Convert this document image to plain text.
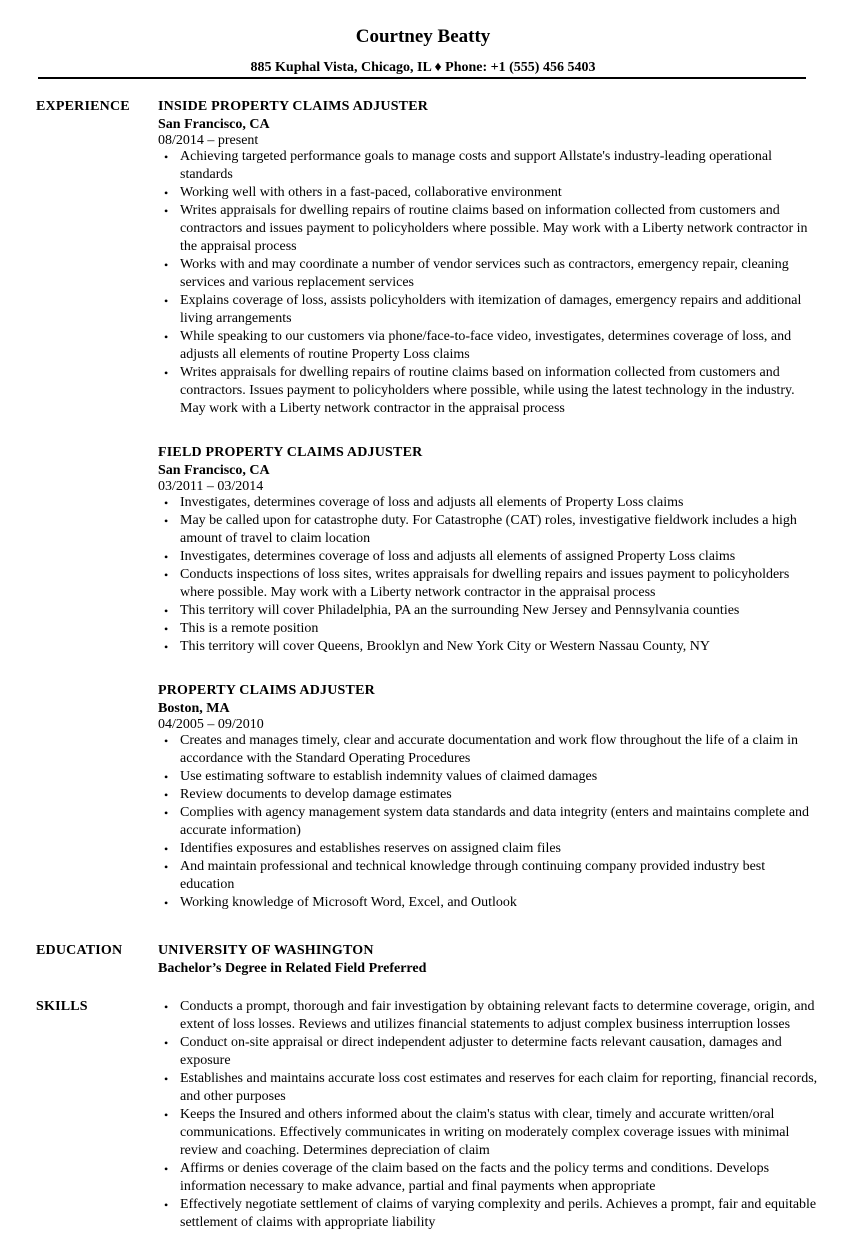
Courtney Beatty
885 Kuphal Vista, Chicago, IL ♦ Phone: +1 (555) 456 5403
EXPERIENCE INSIDE PROPERTY CLAIMS ADJUSTER
San Francisco, CA
08/2014 – present
• Achieving targeted performance goals to manage costs and support Allstate's industry-leading operational standards
• Working well with others in a fast-paced, collaborative environment
• Writes appraisals for dwelling repairs of routine claims based on information collected from customers and contractors and issues payment to policyholders where possible. May work with a Liberty network contractor in the appraisal process
• Works with and may coordinate a number of vendor services such as contractors, emergency repair, cleaning services and various replacement services
• Explains coverage of loss, assists policyholders with itemization of damages, emergency repairs and additional living arrangements
• While speaking to our customers via phone/face-to-face video, investigates, determines coverage of loss, and adjusts all elements of routine Property Loss claims
• Writes appraisals for dwelling repairs of routine claims based on information collected from customers and contractors. Issues payment to policyholders where possible, while using the latest technology in the industry. May work with a Liberty network contractor in the appraisal process
FIELD PROPERTY CLAIMS ADJUSTER
San Francisco, CA
03/2011 – 03/2014
• Investigates, determines coverage of loss and adjusts all elements of Property Loss claims
• May be called upon for catastrophe duty. For Catastrophe (CAT) roles, investigative fieldwork includes a high amount of travel to claim location
• Investigates, determines coverage of loss and adjusts all elements of assigned Property Loss claims
• Conducts inspections of loss sites, writes appraisals for dwelling repairs and issues payment to policyholders where possible. May work with a Liberty network contractor in the appraisal process
• This territory will cover Philadelphia, PA an the surrounding New Jersey and Pennsylvania counties
• This is a remote position
• This territory will cover Queens, Brooklyn and New York City or Western Nassau County, NY
PROPERTY CLAIMS ADJUSTER
Boston, MA
04/2005 – 09/2010
• Creates and manages timely, clear and accurate documentation and work flow throughout the life of a claim in accordance with the Standard Operating Procedures
• Use estimating software to establish indemnity values of claimed damages
• Review documents to develop damage estimates
• Complies with agency management system data standards and data integrity (enters and maintains complete and accurate information)
• Identifies exposures and establishes reserves on assigned claim files
• And maintain professional and technical knowledge through continuing company provided industry best education
• Working knowledge of Microsoft Word, Excel, and Outlook
EDUCATION	UNIVERSITY OF WASHINGTON
Bachelor’s Degree in Related Field Preferred
SKILLS	• Conducts a prompt, thorough and fair investigation by obtaining relevant facts to determine coverage, origin, and extent of loss losses. Reviews and utilizes financial statements to adjust complex business interruption losses
• Conduct on-site appraisal or direct independent adjuster to determine facts relevant causation, damages and exposure
• Establishes and maintains accurate loss cost estimates and reserves for each claim for reporting, financial records, and other purposes
• Keeps the Insured and others informed about the claim's status with clear, timely and accurate written/oral communications. Effectively communicates in writing on moderately complex coverage issues with minimal review and coaching. Determines depreciation of claim
• Affirms or denies coverage of the claim based on the facts and the policy terms and conditions. Develops information necessary to make advance, partial and final payments when appropriate
• Effectively negotiate settlement of claims of varying complexity and perils. Achieves a prompt, fair and equitable settlement of claims with appropriate liability
